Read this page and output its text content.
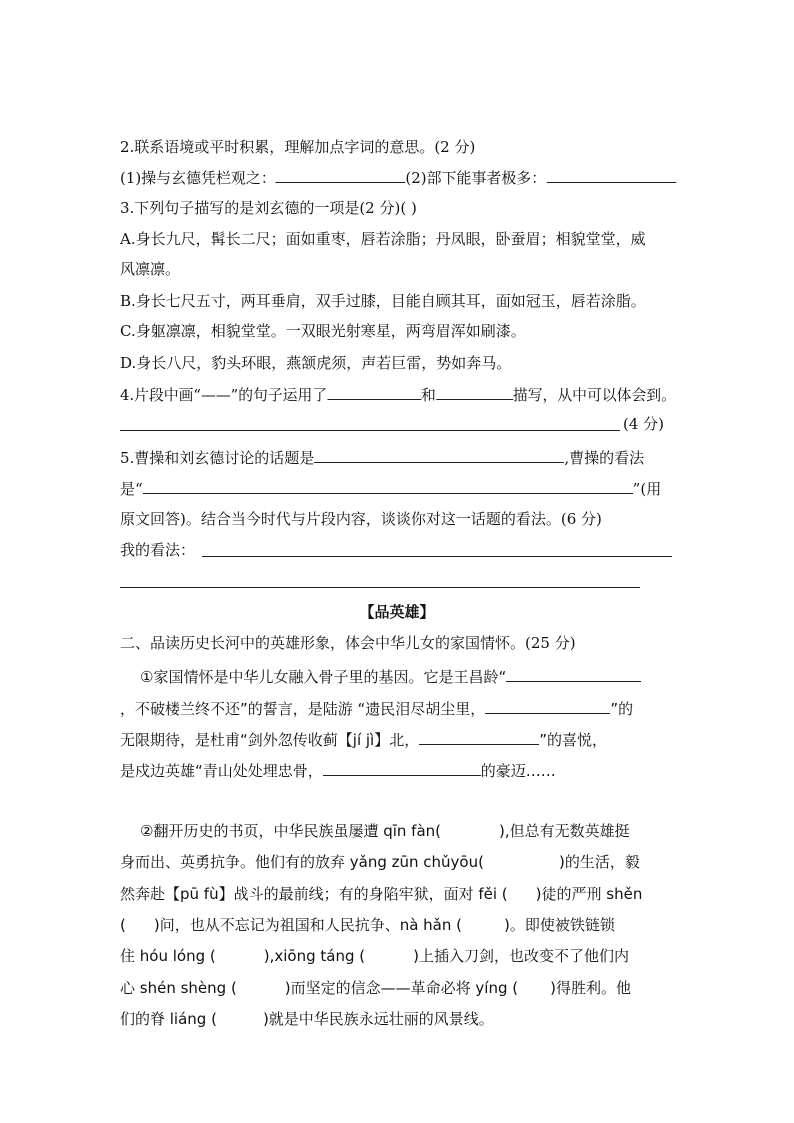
2.联系语境或平时积累，理解加点字词的意思。(2 分)
(1)操与玄德凭栏观之：	(2)部下能事者极多：
3.下列句子描写的是刘玄德的一项是(2 分)( )
A.身长九尺，髯长二尺；面如重枣，唇若涂脂；丹凤眼，卧蚕眉；相貌堂堂，威
风凛凛。
B.身长七尺五寸，两耳垂肩，双手过膝，目能自顾其耳，面如冠玉，唇若涂脂。
C.身躯凛凛，相貌堂堂。一双眼光射寒星，两弯眉浑如刷漆。
D.身长八尺，豹头环眼，燕颔虎须，声若巨雷，势如奔马。
4.片段中画“——”的句子运用了	和	描写，从中可以体会到。
(4 分)
5.曹操和刘玄德讨论的话题是	,曹操的看法
是“	”(用
原文回答)。结合当今时代与片段内容，谈谈你对这一话题的看法。(6 分)
我的看法：
【品英雄】
二、品读历史长河中的英雄形象，体会中华儿女的家国情怀。(25 分)
①家国情怀是中华儿女融入骨子里的基因。它是王昌龄“
，不破楼兰终不还”的誓言，是陆游 “遗民泪尽胡尘里，	”的
无限期待，是杜甫“剑外忽传收蓟【jí jì】北，	”的喜悦，
是戍边英雄“青山处处埋忠骨，	的豪迈……
②翻开历史的书页，中华民族虽屡遭 qīn fàn(	),但总有无数英雄挺
身而出、英勇抗争。他们有的放弃 yǎng zūn chǔyōu(	)的生活，毅
然奔赴【pū fù】战斗的最前线；有的身陷牢狱，面对 fěi ( )徒的严刑 shěn
( )问，也从不忘记为祖国和人民抗争、nà hǎn (	)。即使被铁链锁
住 hóu lóng (	),xiōng táng (	)上插入刀剑，也改变不了他们内
心 shén shèng (	)而坚定的信念——革命必将 yíng ( )得胜利。他
们的脊 liáng (	)就是中华民族永远壮丽的风景线。
